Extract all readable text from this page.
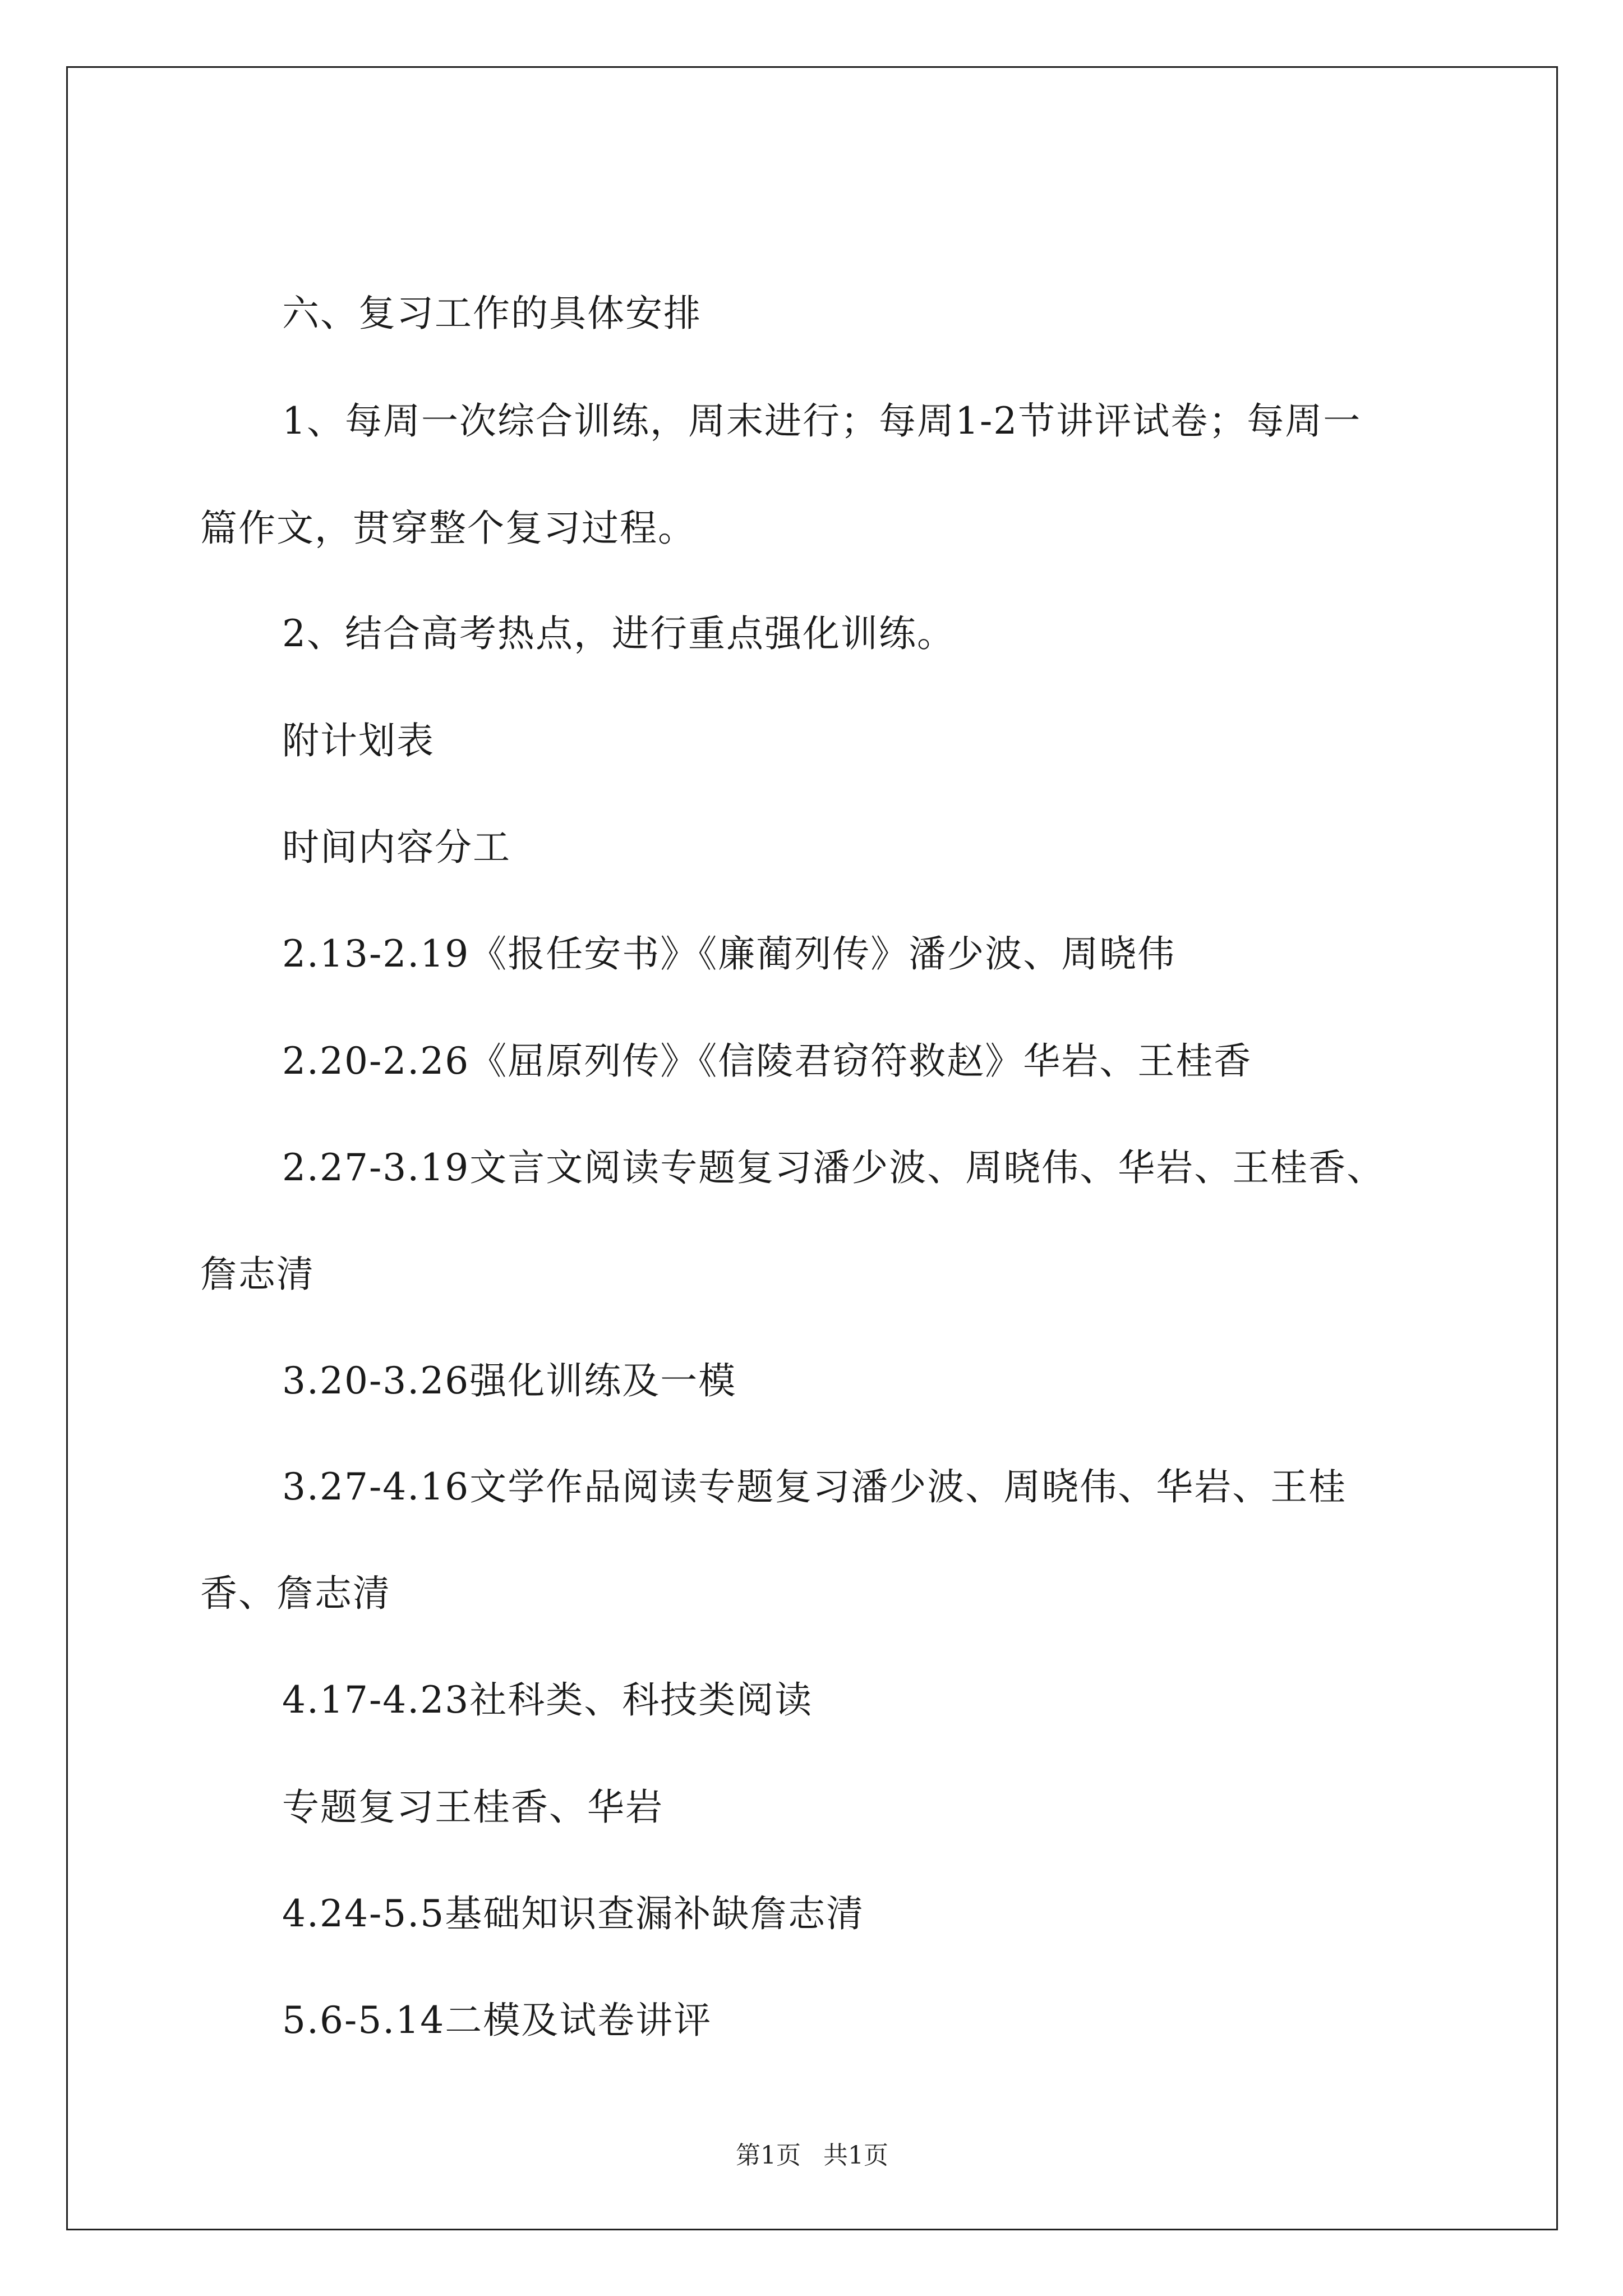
六、复习工作的具体安排
1、每周一次综合训练，周末进行；每周1-2节讲评试卷；每周一
篇作文，贯穿整个复习过程。
2、结合高考热点，进行重点强化训练。
附计划表
时间内容分工
2.13-2.19《报任安书》《廉蔺列传》潘少波、周晓伟
2.20-2.26《屈原列传》《信陵君窃符救赵》华岩、王桂香
2.27-3.19文言文阅读专题复习潘少波、周晓伟、华岩、王桂香、
詹志清
3.20-3.26强化训练及一模
3.27-4.16文学作品阅读专题复习潘少波、周晓伟、华岩、王桂
香、詹志清
4.17-4.23社科类、科技类阅读
专题复习王桂香、华岩
4.24-5.5基础知识查漏补缺詹志清
5.6-5.14二模及试卷讲评
第1页 共1页
